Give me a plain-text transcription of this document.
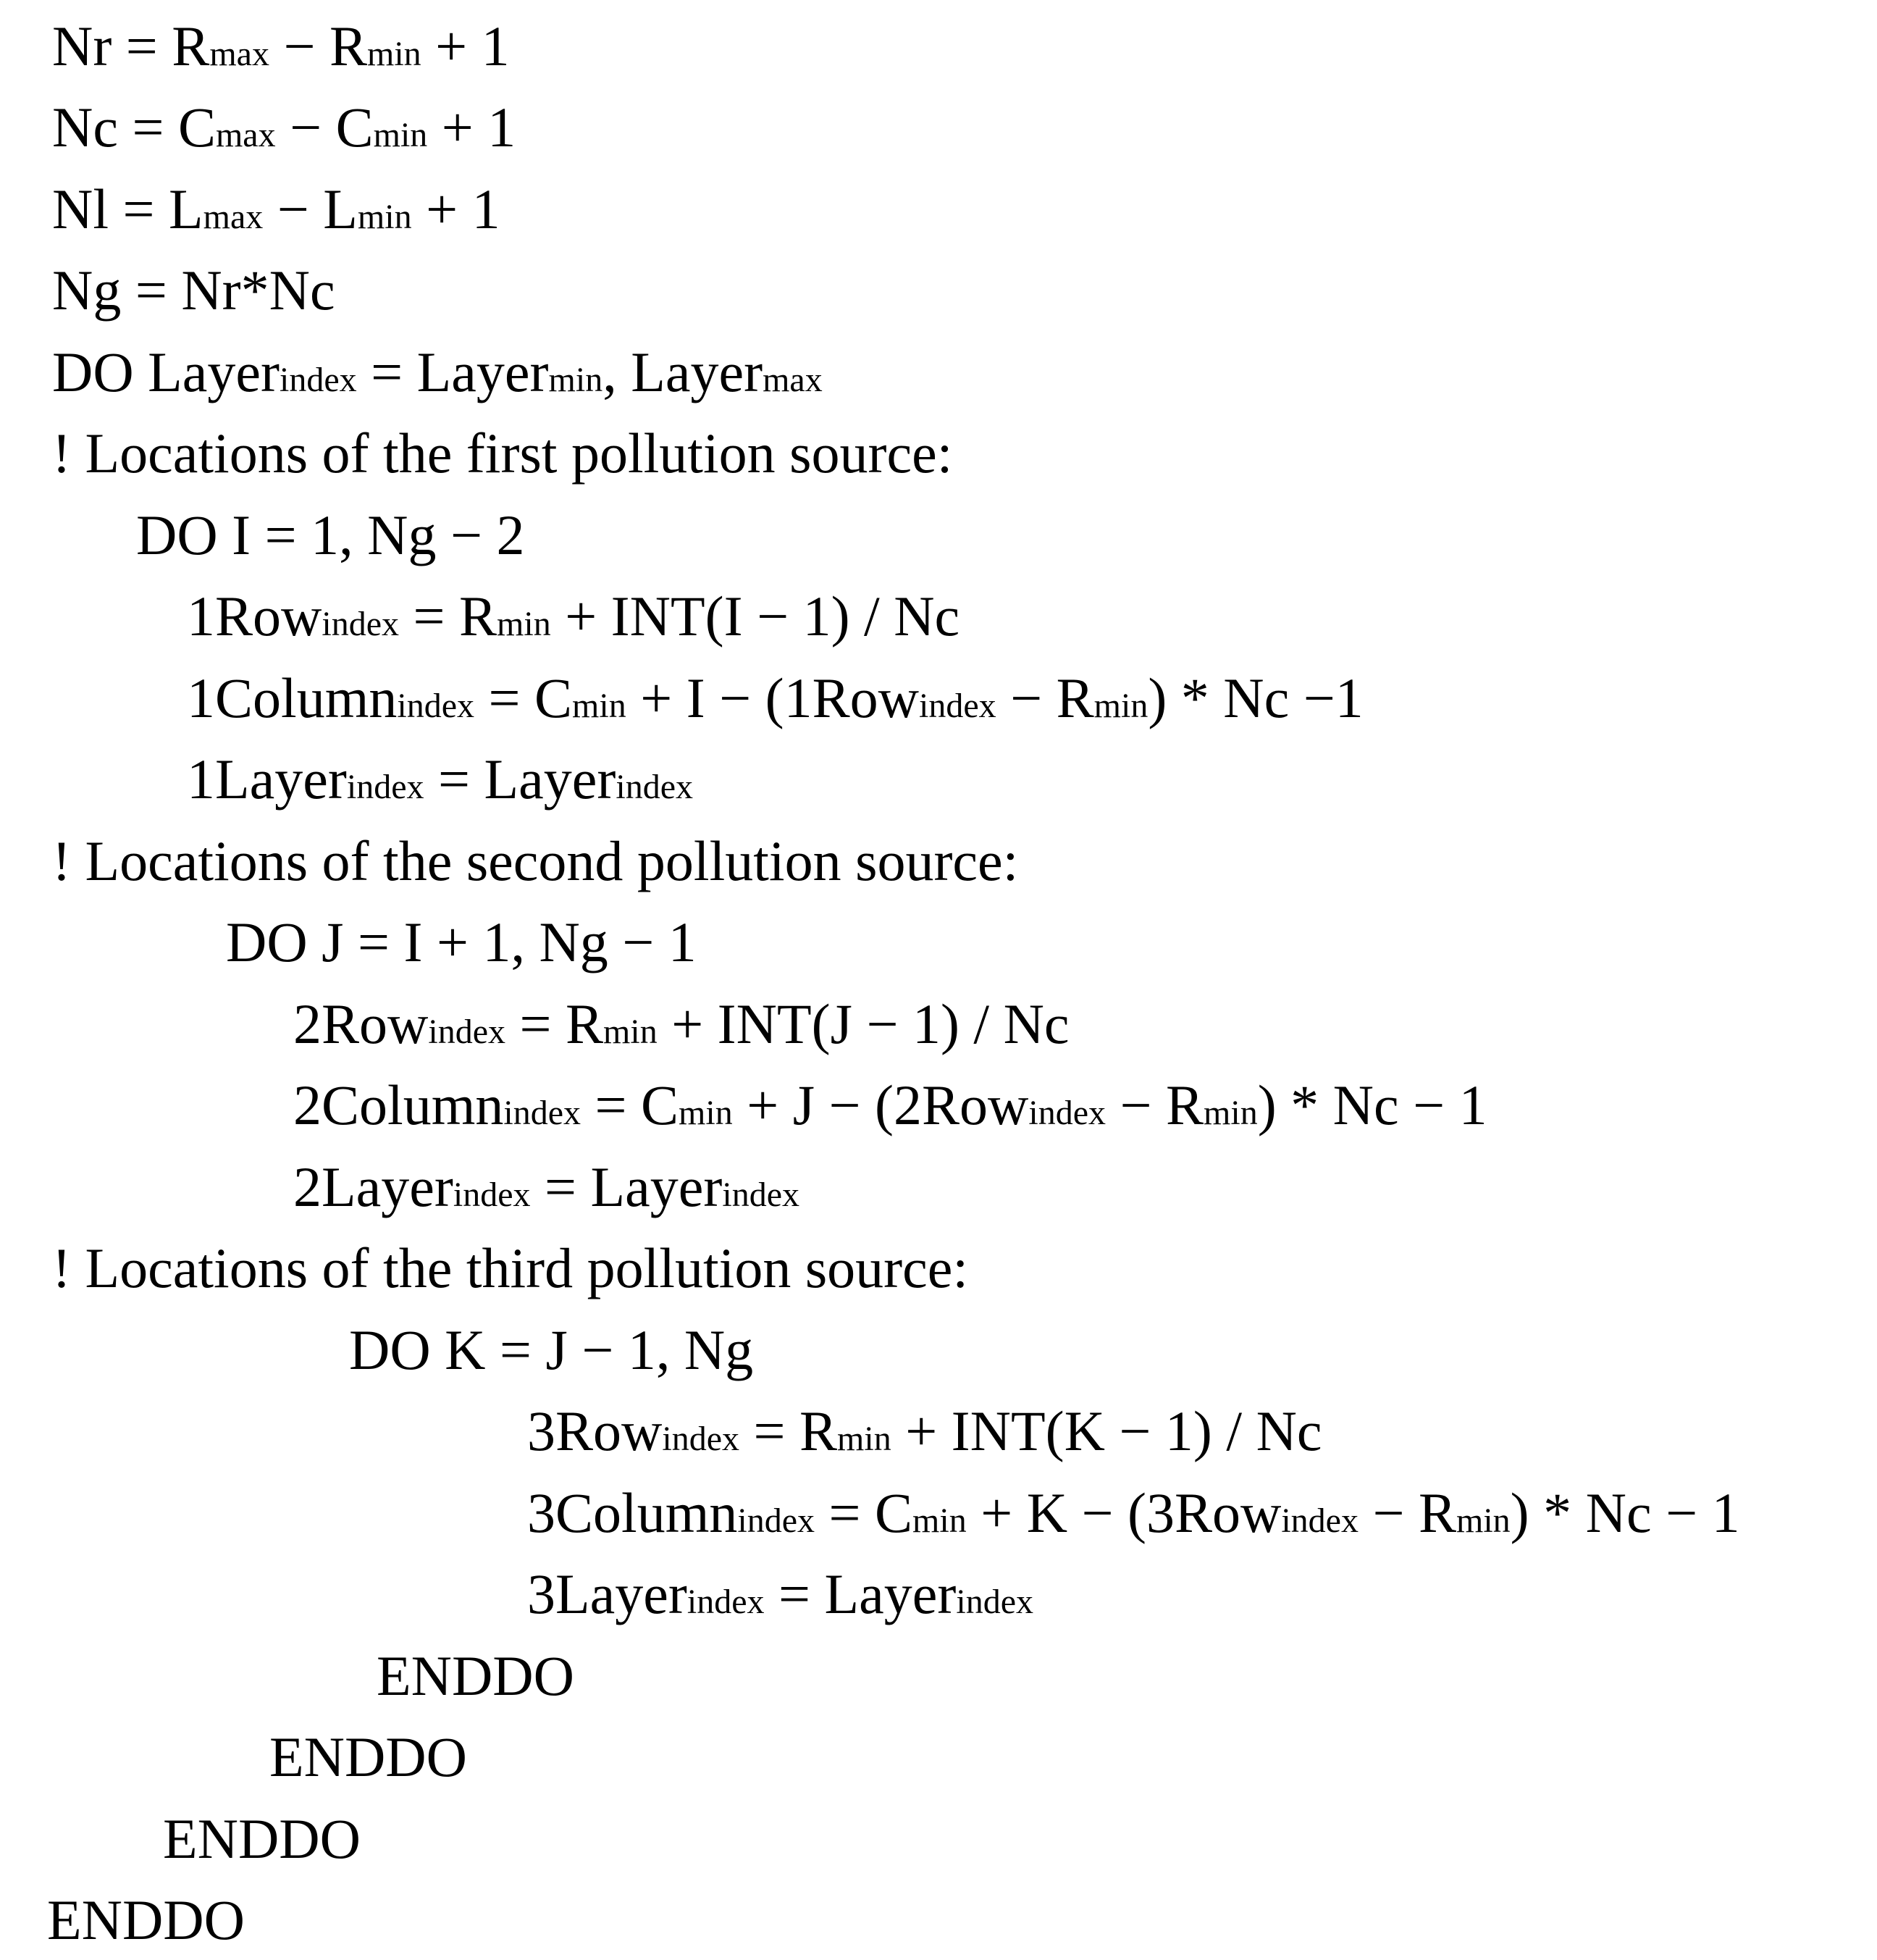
Nr = Rmax − Rmin + 1
Nc = Cmax − Cmin + 1
Nl = Lmax − Lmin + 1
Ng = Nr*Nc
DO Layerindex = Layermin, Layermax
! Locations of the first pollution source:
DO I = 1, Ng − 2
1Rowindex = Rmin + INT(I − 1) / Nc
1Columnindex = Cmin + I − (1Rowindex − Rmin) * Nc −1
1Layerindex = Layerindex
! Locations of the second pollution source:
DO J = I + 1, Ng − 1
2Rowindex = Rmin + INT(J − 1) / Nc
2Columnindex = Cmin + J − (2Rowindex − Rmin) * Nc − 1
2Layerindex = Layerindex
! Locations of the third pollution source:
DO K = J − 1, Ng
3Rowindex = Rmin + INT(K − 1) / Nc
3Columnindex = Cmin + K − (3Rowindex − Rmin) * Nc − 1
3Layerindex = Layerindex
ENDDO
ENDDO
ENDDO
ENDDO
